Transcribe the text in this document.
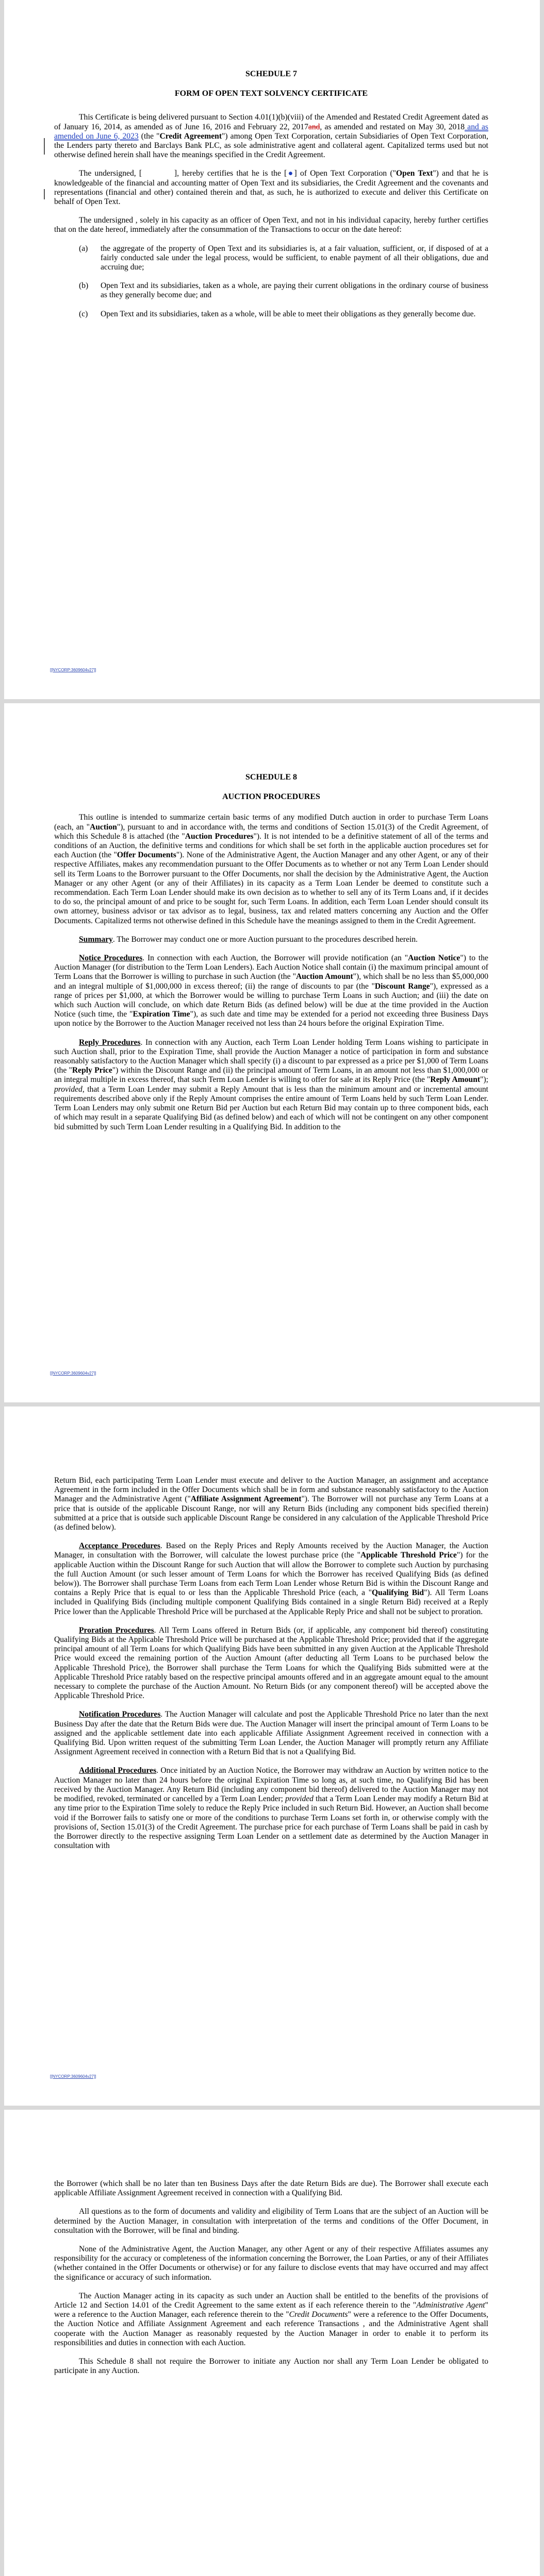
SCHEDULE 7
FORM OF OPEN TEXT SOLVENCY CERTIFICATE

This Certificate is being delivered pursuant to Section 4.01(1)(b)(viii) of the Amended and Restated Credit Agreement dated as of January 16, 2014, as amended as of June 16, 2016 and February 22, 2017and, as amended and restated on May 30, 2018 and as amended on June 6, 2023 (the "Credit Agreement") among Open Text Corporation, certain Subsidiaries of Open Text Corporation, the Lenders party thereto and Barclays Bank PLC, as sole administrative agent and collateral agent. Capitalized terms used but not otherwise defined herein shall have the meanings specified in the Credit Agreement.

The undersigned, [	], hereby certifies that he is the [●] of Open Text Corporation ("Open Text") and that he is knowledgeable of the financial and accounting matter of Open Text and its subsidiaries, the Credit Agreement and the covenants and representations (financial and other) contained therein and that, as such, he is authorized to execute and deliver this Certificate on behalf of Open Text.

The undersigned , solely in his capacity as an officer of Open Text, and not in his individual capacity, hereby further certifies that on the date hereof, immediately after the consummation of the Transactions to occur on the date hereof:

(a)	the aggregate of the property of Open Text and its subsidiaries is, at a fair valuation, sufficient, or, if disposed of at a fairly conducted sale under the legal process, would be sufficient, to enable payment of all their obligations, due and accruing due;
(b)	Open Text and its subsidiaries, taken as a whole, are paying their current obligations in the ordinary course of business as they generally become due; and
(c)	Open Text and its subsidiaries, taken as a whole, will be able to meet their obligations as they generally become due.
[[NYCORP:3609604v27]]
SCHEDULE 8
AUCTION PROCEDURES

This outline is intended to summarize certain basic terms of any modified Dutch auction in order to purchase Term Loans (each, an "Auction"), pursuant to and in accordance with, the terms and conditions of Section 15.01(3) of the Credit Agreement, of which this Schedule 8 is attached (the "Auction Procedures"). It is not intended to be a definitive statement of all of the terms and conditions of an Auction, the definitive terms and conditions for which shall be set forth in the applicable auction procedures set for each Auction (the "Offer Documents"). None of the Administrative Agent, the Auction Manager and any other Agent, or any of their respective Affiliates, makes any recommendation pursuant to the Offer Documents as to whether or not any Term Loan Lender should sell its Term Loans to the Borrower pursuant to the Offer Documents, nor shall the decision by the Administrative Agent, the Auction Manager or any other Agent (or any of their Affiliates) in its capacity as a Term Loan Lender be deemed to constitute such a recommendation. Each Term Loan Lender should make its own decision as to whether to sell any of its Term Loans and, if it decides to do so, the principal amount of and price to be sought for, such Term Loans. In addition, each Term Loan Lender should consult its own attorney, business advisor or tax advisor as to legal, business, tax and related matters concerning any Auction and the Offer Documents. Capitalized terms not otherwise defined in this Schedule have the meanings assigned to them in the Credit Agreement.

Summary. The Borrower may conduct one or more Auction pursuant to the procedures described herein.

Notice Procedures. In connection with each Auction, the Borrower will provide notification (an "Auction Notice") to the Auction Manager (for distribution to the Term Loan Lenders). Each Auction Notice shall contain (i) the maximum principal amount of Term Loans that the Borrower is willing to purchase in such Auction (the "Auction Amount"), which shall be no less than $5,000,000 and an integral multiple of $1,000,000 in excess thereof; (ii) the range of discounts to par (the "Discount Range"), expressed as a range of prices per $1,000, at which the Borrower would be willing to purchase Term Loans in such Auction; and (iii) the date on which such Auction will conclude, on which date Return Bids (as defined below) will be due at the time provided in the Auction Notice (such time, the "Expiration Time"), as such date and time may be extended for a period not exceeding three Business Days upon notice by the Borrower to the Auction Manager received not less than 24 hours before the original Expiration Time.

Reply Procedures. In connection with any Auction, each Term Loan Lender holding Term Loans wishing to participate in such Auction shall, prior to the Expiration Time, shall provide the Auction Manager a notice of participation in form and substance reasonably satisfactory to the Auction Manager which shall specify (i) a discount to par expressed as a price per $1,000 of Term Loans (the "Reply Price") within the Discount Range and (ii) the principal amount of Term Loans, in an amount not less than $1,000,000 or an integral multiple in excess thereof, that such Term Loan Lender is willing to offer for sale at its Reply Price (the "Reply Amount"); provided, that a Term Loan Lender may submit a Reply Amount that is less than the minimum amount and or incremental amount requirements described above only if the Reply Amount comprises the entire amount of Term Loans held by such Term Loan Lender. Term Loan Lenders may only submit one Return Bid per Auction but each Return Bid may contain up to three component bids, each of which may result in a separate Qualifying Bid (as defined below) and each of which will not be contingent on any other component bid submitted by such Term Loan Lender resulting in a Qualifying Bid. In addition to the

[[NYCORP:3609604v27]]

Return Bid, each participating Term Loan Lender must execute and deliver to the Auction Manager, an assignment and acceptance Agreement in the form included in the Offer Documents which shall be in form and substance reasonably satisfactory to the Auction Manager and the Administrative Agent ("Affiliate Assignment Agreement"). The Borrower will not purchase any Term Loans at a price that is outside of the applicable Discount Range, nor will any Return Bids (including any component bids specified therein) submitted at a price that is outside such applicable Discount Range be considered in any calculation of the Applicable Threshold Price (as defined below).

Acceptance Procedures. Based on the Reply Prices and Reply Amounts received by the Auction Manager, the Auction Manager, in consultation with the Borrower, will calculate the lowest purchase price (the "Applicable Threshold Price") for the applicable Auction within the Discount Range for such Auction that will allow the Borrower to complete such Auction by purchasing the full Auction Amount (or such lesser amount of Term Loans for which the Borrower has received Qualifying Bids (as defined below)). The Borrower shall purchase Term Loans from each Term Loan Lender whose Return Bid is within the Discount Range and contains a Reply Price that is equal to or less than the Applicable Threshold Price (each, a "Qualifying Bid"). All Term Loans included in Qualifying Bids (including multiple component Qualifying Bids contained in a single Return Bid) received at a Reply Price lower than the Applicable Threshold Price will be purchased at the Applicable Reply Price and shall not be subject to proration.

Proration Procedures. All Term Loans offered in Return Bids (or, if applicable, any component bid thereof) constituting Qualifying Bids at the Applicable Threshold Price will be purchased at the Applicable Threshold Price; provided that if the aggregate principal amount of all Term Loans for which Qualifying Bids have been submitted in any given Auction at the Applicable Threshold Price would exceed the remaining portion of the Auction Amount (after deducting all Term Loans to be purchased below the Applicable Threshold Price), the Borrower shall purchase the Term Loans for which the Qualifying Bids submitted were at the Applicable Threshold Price ratably based on the respective principal amounts offered and in an aggregate amount equal to the amount necessary to complete the purchase of the Auction Amount. No Return Bids (or any component thereof) will be accepted above the Applicable Threshold Price.

Notification Procedures. The Auction Manager will calculate and post the Applicable Threshold Price no later than the next Business Day after the date that the Return Bids were due. The Auction Manager will insert the principal amount of Term Loans to be assigned and the applicable settlement date into each applicable Affiliate Assignment Agreement received in connection with a Qualifying Bid. Upon written request of the submitting Term Loan Lender, the Auction Manager will promptly return any Affiliate Assignment Agreement received in connection with a Return Bid that is not a Qualifying Bid.

Additional Procedures. Once initiated by an Auction Notice, the Borrower may withdraw an Auction by written notice to the Auction Manager no later than 24 hours before the original Expiration Time so long as, at such time, no Qualifying Bid has been received by the Auction Manager. Any Return Bid (including any component bid thereof) delivered to the Auction Manager may not be modified, revoked, terminated or cancelled by a Term Loan Lender; provided that a Term Loan Lender may modify a Return Bid at any time prior to the Expiration Time solely to reduce the Reply Price included in such Return Bid. However, an Auction shall become void if the Borrower fails to satisfy one or more of the conditions to purchase Term Loans set forth in, or otherwise comply with the provisions of, Section 15.01(3) of the Credit Agreement. The purchase price for each purchase of Term Loans shall be paid in cash by the Borrower directly to the respective assigning Term Loan Lender on a settlement date as determined by the Auction Manager in consultation with

[[NYCORP:3609604v27]]

the Borrower (which shall be no later than ten Business Days after the date Return Bids are due). The Borrower shall execute each applicable Affiliate Assignment Agreement received in connection with a Qualifying Bid.

All questions as to the form of documents and validity and eligibility of Term Loans that are the subject of an Auction will be determined by the Auction Manager, in consultation with interpretation of the terms and conditions of the Offer Document, in consultation with the Borrower, will be final and binding.

None of the Administrative Agent, the Auction Manager, any other Agent or any of their respective Affiliates assumes any responsibility for the accuracy or completeness of the information concerning the Borrower, the Loan Parties, or any of their Affiliates (whether contained in the Offer Documents or otherwise) or for any failure to disclose events that may have occurred and may affect the significance or accuracy of such information.

The Auction Manager acting in its capacity as such under an Auction shall be entitled to the benefits of the provisions of Article 12 and Section 14.01 of the Credit Agreement to the same extent as if each reference therein to the "Administrative Agent" were a reference to the Auction Manager, each reference therein to the "Credit Documents" were a reference to the Offer Documents, the Auction Notice and Affiliate Assignment Agreement and each reference Transactions , and the Administrative Agent shall cooperate with the Auction Manager as reasonably requested by the Auction Manager in order to enable it to perform its responsibilities and duties in connection with each Auction.

This Schedule 8 shall not require the Borrower to initiate any Auction nor shall any Term Loan Lender be obligated to participate in any Auction.
